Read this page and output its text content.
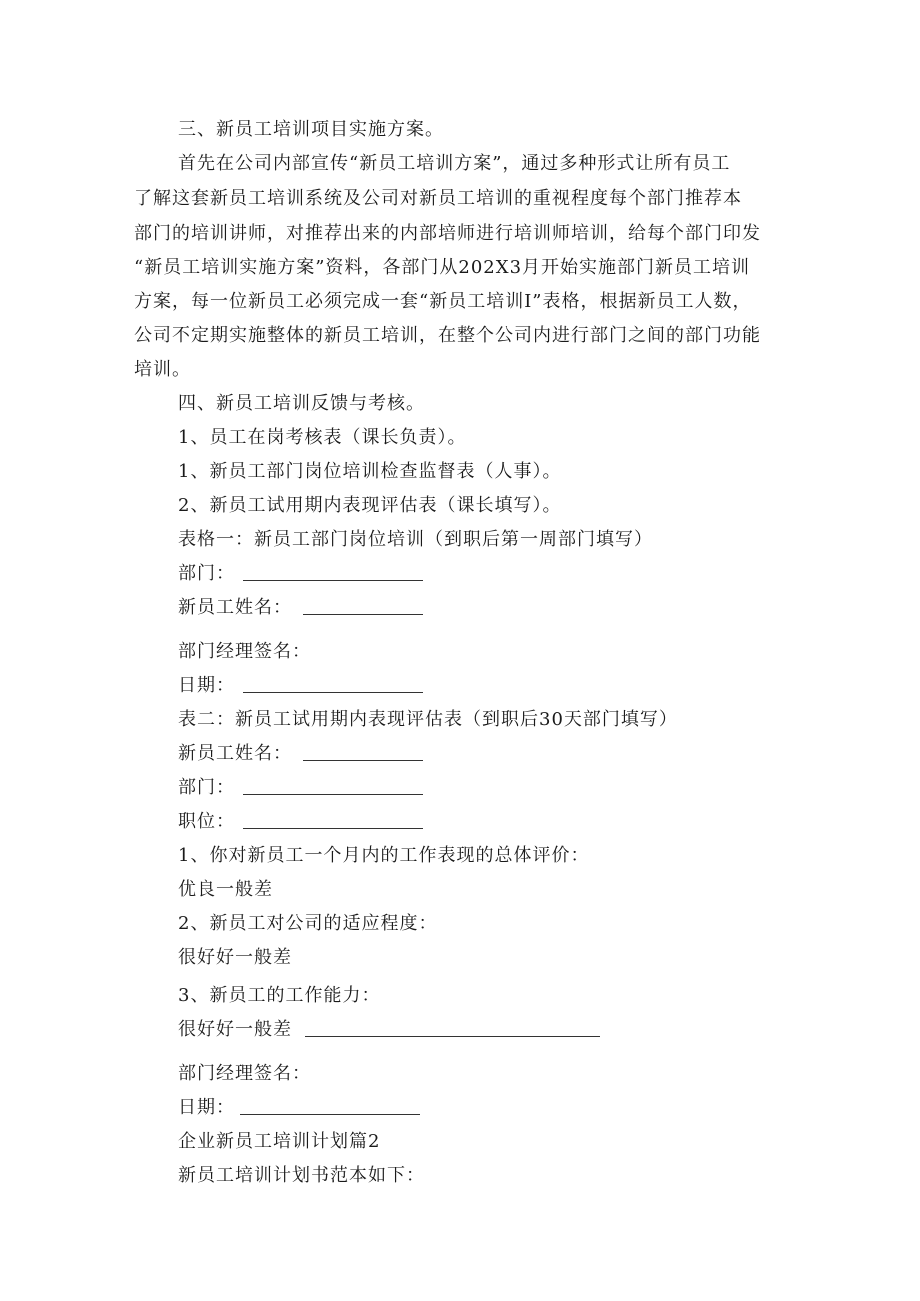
三、新员工培训项目实施方案。
首先在公司内部宣传“新员工培训方案”，通过多种形式让所有员工
了解这套新员工培训系统及公司对新员工培训的重视程度每个部门推荐本
部门的培训讲师，对推荐出来的内部培师进行培训师培训，给每个部门印发
“新员工培训实施方案”资料，各部门从202X3月开始实施部门新员工培训
方案，每一位新员工必须完成一套“新员工培训I”表格，根据新员工人数，
公司不定期实施整体的新员工培训，在整个公司内进行部门之间的部门功能
培训。
四、新员工培训反馈与考核。
1、员工在岗考核表（课长负责）。
1、新员工部门岗位培训检查监督表（人事）。
2、新员工试用期内表现评估表（课长填写）。
表格一：新员工部门岗位培训（到职后第一周部门填写）
部门：
新员工姓名：
部门经理签名：
日期：
表二：新员工试用期内表现评估表（到职后30天部门填写）
新员工姓名：
部门：
职位：
1、你对新员工一个月内的工作表现的总体评价：
优良一般差
2、新员工对公司的适应程度：
很好好一般差
3、新员工的工作能力：
很好好一般差
部门经理签名：
日期：
企业新员工培训计划篇2
新员工培训计划书范本如下：
